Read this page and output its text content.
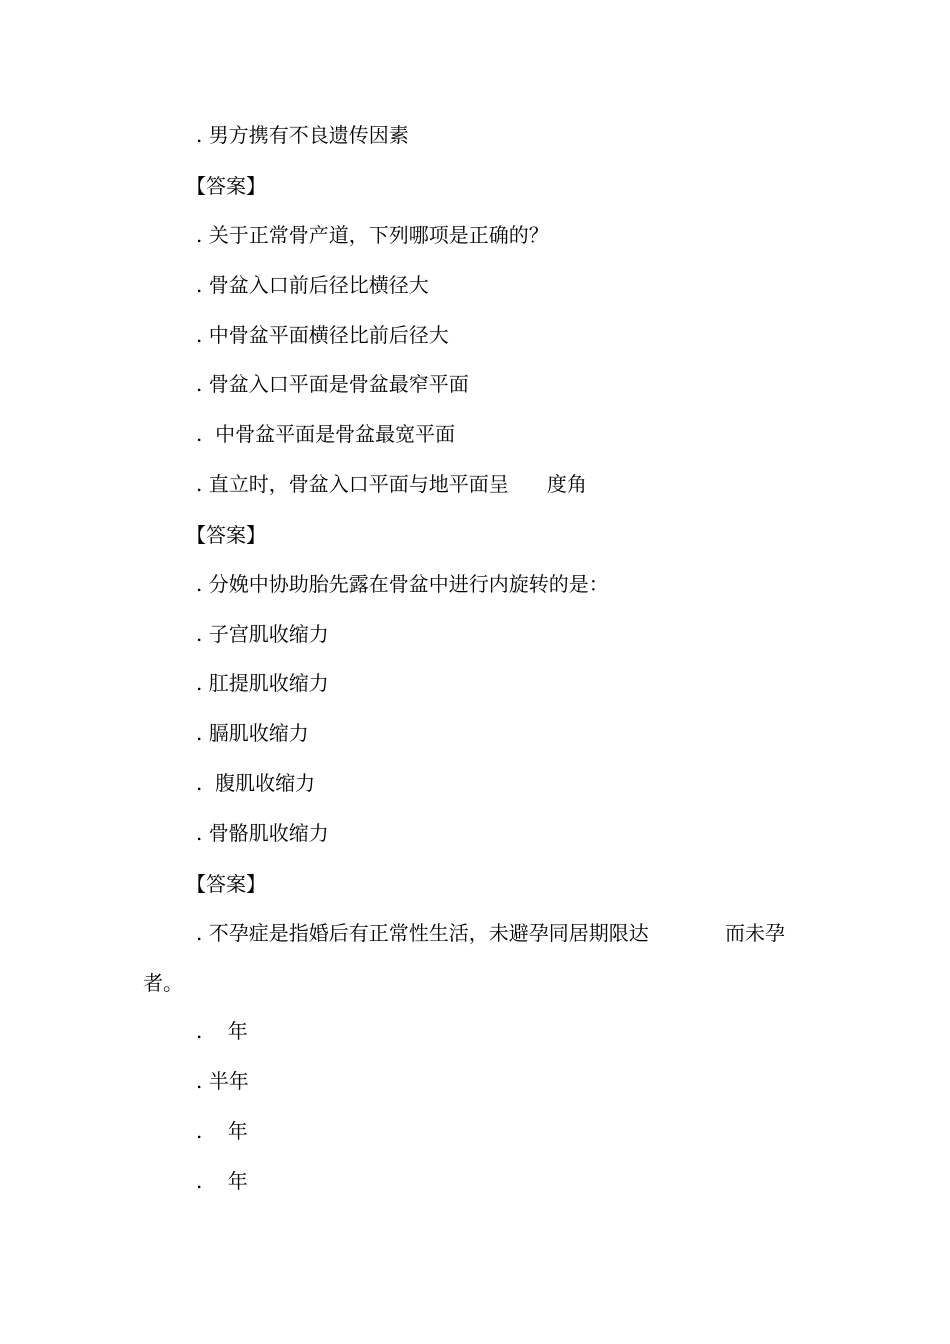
. 男方携有不良遗传因素
【答案】
. 关于正常骨产道，下列哪项是正确的？
. 骨盆入口前后径比横径大
. 中骨盆平面横径比前后径大
. 骨盆入口平面是骨盆最窄平面
.  中骨盆平面是骨盆最宽平面
. 直立时，骨盆入口平面与地平面呈      度角
【答案】
. 分娩中协助胎先露在骨盆中进行内旋转的是：
. 子宫肌收缩力
. 肛提肌收缩力
. 膈肌收缩力
.  腹肌收缩力
. 骨骼肌收缩力
【答案】
. 不孕症是指婚后有正常性生活，未避孕同居期限达            而未孕
者。
.    年
. 半年
.    年
.    年
